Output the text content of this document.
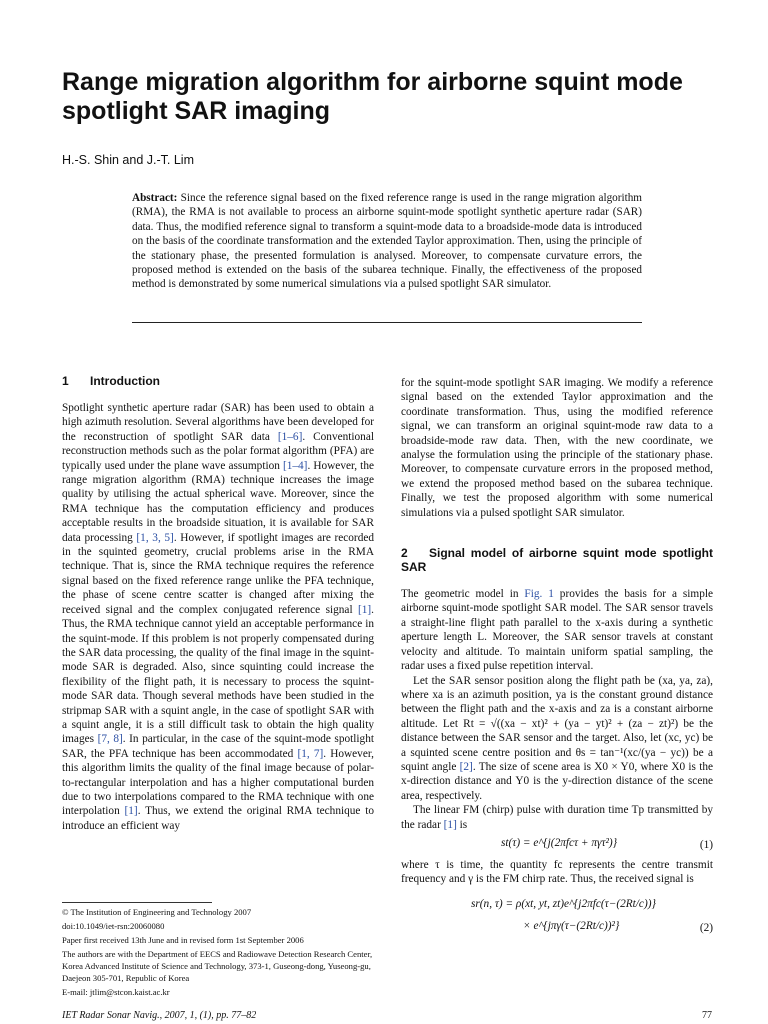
Range migration algorithm for airborne squint mode spotlight SAR imaging
H.-S. Shin and J.-T. Lim

Abstract: Since the reference signal based on the fixed reference range is used in the range migration algorithm (RMA), the RMA is not available to process an airborne squint-mode spotlight synthetic aperture radar (SAR) data. Thus, the modified reference signal to transform a squint-mode data to a broadside-mode data is introduced on the basis of the coordinate transformation and the extended Taylor approximation. Then, using the principle of the stationary phase, the presented formulation is analysed. Moreover, to compensate curvature errors, the proposed method is extended on the basis of the subarea technique. Finally, the effectiveness of the proposed method is demonstrated by some numerical simulations via a pulsed spotlight SAR simulator.

1 Introduction

Spotlight synthetic aperture radar (SAR) has been used to obtain a high azimuth resolution. Several algorithms have been developed for the reconstruction of spotlight SAR data [1–6]. Conventional reconstruction methods such as the polar format algorithm (PFA) are typically used under the plane wave assumption [1–4]. However, the range migration algorithm (RMA) technique increases the image quality by utilising the actual spherical wave. Moreover, since the RMA technique has the computation efficiency and produces acceptable results in the broadside situation, it is available for SAR data processing [1, 3, 5]. However, if spotlight images are recorded in the squinted geometry, crucial problems arise in the RMA technique. That is, since the RMA technique requires the reference signal based on the fixed reference range unlike the PFA technique, the phase of scene centre scatter is changed after mixing the received signal and the complex conjugated reference signal [1]. Thus, the RMA technique cannot yield an acceptable performance in the squint-mode. If this problem is not properly compensated during the SAR data processing, the quality of the final image in the squint-mode SAR is degraded. Also, since squinting could increase the flexibility of the flight path, it is necessary to process the squint-mode SAR data. Though several methods have been studied in the stripmap SAR with a squint angle, in the case of spotlight SAR with a squint angle, it is a still difficult task to obtain the high quality images [7, 8]. In particular, in the case of the squint-mode spotlight SAR, the PFA technique has been accommodated [1, 7]. However, this algorithm limits the quality of the final image because of polar-to-rectangular interpolation and has a higher computational burden due to two interpolations compared to the RMA technique with one interpolation [1]. Thus, we extend the original RMA technique to introduce an efficient way

for the squint-mode spotlight SAR imaging. We modify a reference signal based on the extended Taylor approximation and the coordinate transformation. Thus, using the modified reference signal, we can transform an original squint-mode raw data to a broadside-mode raw data. Then, with the new coordinate, we analyse the formulation using the principle of the stationary phase. Moreover, to compensate curvature errors in the proposed method, we extend the proposed method based on the subarea technique. Finally, we test the proposed algorithm with some numerical simulations via a pulsed spotlight SAR simulator.

2 Signal model of airborne squint mode spotlight SAR

The geometric model in Fig. 1 provides the basis for a simple airborne squint-mode spotlight SAR model. The SAR sensor travels a straight-line flight path parallel to the x-axis during a synthetic aperture length L. Moreover, the SAR sensor travels at constant velocity and altitude. To maintain uniform spatial sampling, the radar uses a fixed pulse repetition interval.

Let the SAR sensor position along the flight path be (xa, ya, za), where xa is an azimuth position, ya is the constant ground distance between the flight path and the x-axis and za is a constant airborne altitude. Let Rt = √((xa − xt)² + (ya − yt)² + (za − zt)²) be the distance between the SAR sensor and the target. Also, let (xc, yc) be a squinted scene centre position and θs = tan⁻¹(xc/(ya − yc)) be a squint angle [2]. The size of scene area is X0 × Y0, where X0 is the x-direction distance and Y0 is the y-direction distance of the scene area, respectively.

The linear FM (chirp) pulse with duration time Tp transmitted by the radar [1] is

st(τ) = e^{j(2πfcτ + πγτ²)}	(1)

where τ is time, the quantity fc represents the centre transmit frequency and γ is the FM chirp rate. Thus, the received signal is

sr(n, τ) = ρ(xt, yt, zt)e^{j2πfc(τ−(2Rt/c))}
× e^{jπγ(τ−(2Rt/c))²}	(2)

© The Institution of Engineering and Technology 2007

doi:10.1049/iet-rsn:20060080

Paper first received 13th June and in revised form 1st September 2006

The authors are with the Department of EECS and Radiowave Detection Research Center, Korea Advanced Institute of Science and Technology, 373-1, Guseong-dong, Yuseong-gu, Daejeon 305-701, Republic of Korea

E-mail: jtlim@stcon.kaist.ac.kr

IET Radar Sonar Navig., 2007, 1, (1), pp. 77–82	77
